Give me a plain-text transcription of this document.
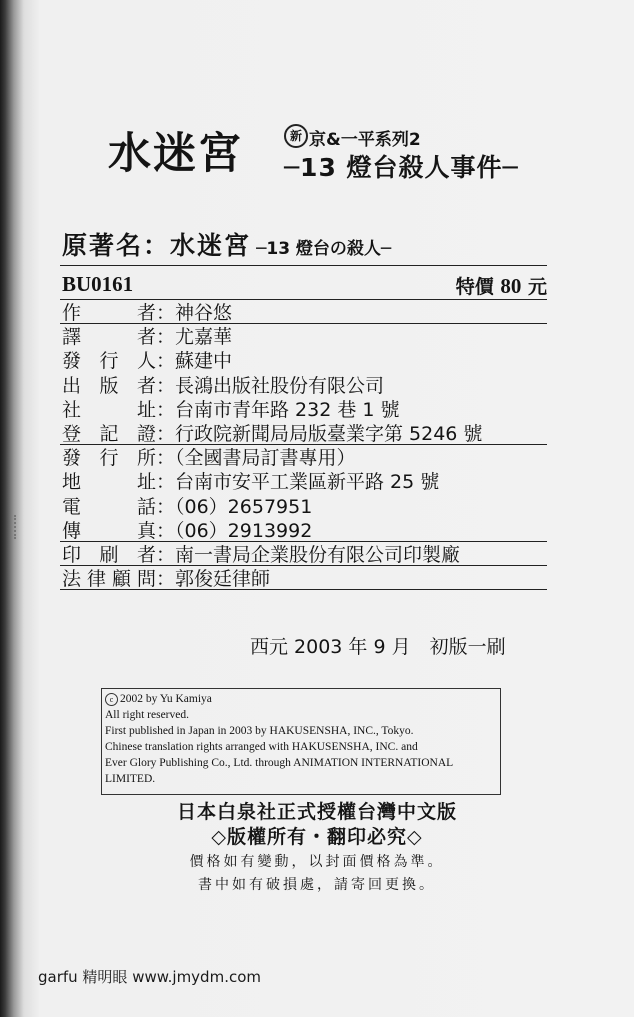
水迷宮	新 京&一平系列2
─13 燈台殺人事件─
原著名：水迷宮 ─13 燈台の殺人─
BU0161	特價 80 元
作者：神谷悠
譯者：尤嘉華
發行人：蘇建中
出版者：長鴻出版社股份有限公司
社址：台南市青年路 232 巷 1 號
登記證：行政院新聞局局版臺業字第 5246 號
發行所：（全國書局訂書專用）
地址：台南市安平工業區新平路 25 號
電話：（06）2657951
傳真：（06）2913992
印刷者：南一書局企業股份有限公司印製廠
法律顧問：郭俊廷律師
西元 2003 年 9 月　初版一刷
c 2002 by Yu Kamiya
All right reserved.
First published in Japan in 2003 by HAKUSENSHA, INC., Tokyo.
Chinese translation rights arranged with HAKUSENSHA, INC. and
Ever Glory Publishing Co., Ltd. through ANIMATION INTERNATIONAL
LIMITED.
日本白泉社正式授權台灣中文版
◇版權所有・翻印必究◇
價格如有變動，以封面價格為準。
書中如有破損處，請寄回更換。
garfu 精明眼 www.jmydm.com
